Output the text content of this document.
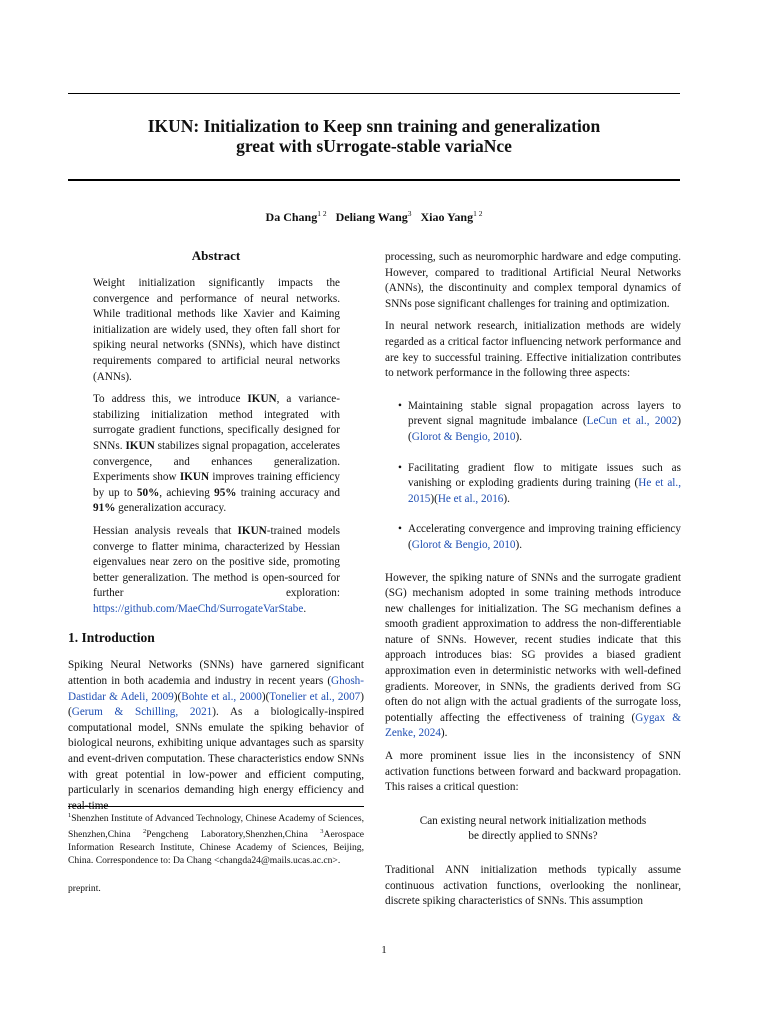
IKUN: Initialization to Keep snn training and generalization
great with sUrrogate-stable variaNce
Da Chang$^{1 2}$ Deliang Wang$^3$ Xiao Yang$^{1 2}$
Abstract

Weight initialization significantly impacts the convergence and performance of neural networks. While traditional methods like Xavier and Kaiming initialization are widely used, they often fall short for spiking neural networks (SNNs), which have distinct requirements compared to artificial neural networks (ANNs).

To address this, we introduce IKUN, a variance-stabilizing initialization method integrated with surrogate gradient functions, specifically designed for SNNs. IKUN stabilizes signal propagation, accelerates convergence, and enhances generalization. Experiments show IKUN improves training efficiency by up to 50%, achieving 95% training accuracy and 91% generalization accuracy.

Hessian analysis reveals that IKUN-trained models converge to flatter minima, characterized by Hessian eigenvalues near zero on the positive side, promoting better generalization. The method is open-sourced for further exploration: https://github.com/MaeChd/SurrogateVarStabe.

1. Introduction

Spiking Neural Networks (SNNs) have garnered significant attention in both academia and industry in recent years (Ghosh-Dastidar & Adeli, 2009)(Bohte et al., 2000)(Tonelier et al., 2007)(Gerum & Schilling, 2021). As a biologically-inspired computational model, SNNs emulate the spiking behavior of biological neurons, exhibiting unique advantages such as sparsity and event-driven computation. These characteristics endow SNNs with great potential in low-power and efficient computing, particularly in scenarios demanding high energy efficiency and real-time

$^1$Shenzhen Institute of Advanced Technology, Chinese Academy of Sciences, Shenzhen,China $^2$Pengcheng Laboratory,Shenzhen,China $^3$Aerospace Information Research Institute, Chinese Academy of Sciences, Beijing, China. Correspondence to: Da Chang <changda24@mails.ucas.ac.cn>.
preprint.

processing, such as neuromorphic hardware and edge computing. However, compared to traditional Artificial Neural Networks (ANNs), the discontinuity and complex temporal dynamics of SNNs pose significant challenges for training and optimization.

In neural network research, initialization methods are widely regarded as a critical factor influencing network performance and are key to successful training. Effective initialization contributes to network performance in the following three aspects:

• Maintaining stable signal propagation across layers to prevent signal magnitude imbalance (LeCun et al., 2002)(Glorot & Bengio, 2010).
• Facilitating gradient flow to mitigate issues such as vanishing or exploding gradients during training (He et al., 2015)(He et al., 2016).
• Accelerating convergence and improving training efficiency (Glorot & Bengio, 2010).

However, the spiking nature of SNNs and the surrogate gradient (SG) mechanism adopted in some training methods introduce new challenges for initialization. The SG mechanism defines a smooth gradient approximation to address the non-differentiable nature of SNNs. However, recent studies indicate that this approach introduces bias: SG provides a biased gradient approximation even in deterministic networks with well-defined gradients. Moreover, in SNNs, the gradients derived from SG often do not align with the actual gradients of the surrogate loss, potentially affecting the effectiveness of training (Gygax & Zenke, 2024).

A more prominent issue lies in the inconsistency of SNN activation functions between forward and backward propagation. This raises a critical question:

Can existing neural network initialization methods
be directly applied to SNNs?

Traditional ANN initialization methods typically assume continuous activation functions, overlooking the nonlinear, discrete spiking characteristics of SNNs. This assumption

1
